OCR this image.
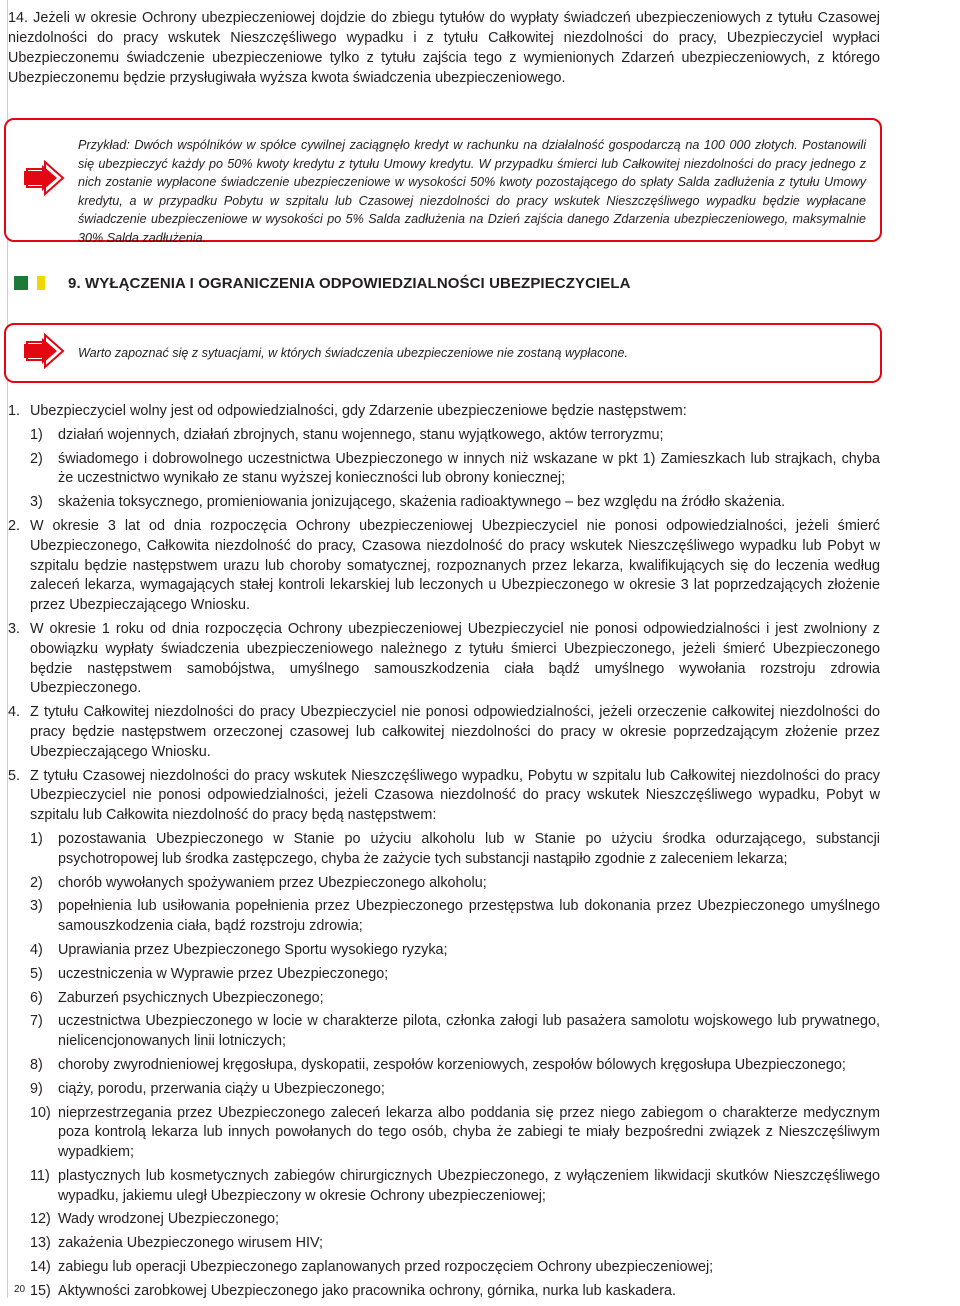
14. Jeżeli w okresie Ochrony ubezpieczeniowej dojdzie do zbiegu tytułów do wypłaty świadczeń ubezpieczeniowych z tytułu Czasowej niezdolności do pracy wskutek Nieszczęśliwego wypadku i z tytułu Całkowitej niezdolności do pracy, Ubezpieczyciel wypłaci Ubezpieczonemu świadczenie ubezpieczeniowe tylko z tytułu zajścia tego z wymienionych Zdarzeń ubezpieczeniowych, z którego Ubezpieczonemu będzie przysługiwała wyższa kwota świadczenia ubezpieczeniowego.
Przykład: Dwóch wspólników w spółce cywilnej zaciągnęło kredyt w rachunku na działalność gospodarczą na 100 000 złotych. Postanowili się ubezpieczyć każdy po 50% kwoty kredytu z tytułu Umowy kredytu. W przypadku śmierci lub Całkowitej niezdolności do pracy jednego z nich zostanie wypłacone świadczenie ubezpieczeniowe w wysokości 50% kwoty pozostającego do spłaty Salda zadłużenia z tytułu Umowy kredytu, a w przypadku Pobytu w szpitalu lub Czasowej niezdolności do pracy wskutek Nieszczęśliwego wypadku będzie wypłacane świadczenie ubezpieczeniowe w wysokości po 5% Salda zadłużenia na Dzień zajścia danego Zdarzenia ubezpieczeniowego, maksymalnie 30% Salda zadłużenia.
9. WYŁĄCZENIA I OGRANICZENIA ODPOWIEDZIALNOŚCI UBEZPIECZYCIELA
Warto zapoznać się z sytuacjami, w których świadczenia ubezpieczeniowe nie zostaną wypłacone.
1. Ubezpieczyciel wolny jest od odpowiedzialności, gdy Zdarzenie ubezpieczeniowe będzie następstwem:
1) działań wojennych, działań zbrojnych, stanu wojennego, stanu wyjątkowego, aktów terroryzmu;
2) świadomego i dobrowolnego uczestnictwa Ubezpieczonego w innych niż wskazane w pkt 1) Zamieszkach lub strajkach, chyba że uczestnictwo wynikało ze stanu wyższej konieczności lub obrony koniecznej;
3) skażenia toksycznego, promieniowania jonizującego, skażenia radioaktywnego – bez względu na źródło skażenia.
2. W okresie 3 lat od dnia rozpoczęcia Ochrony ubezpieczeniowej Ubezpieczyciel nie ponosi odpowiedzialności, jeżeli śmierć Ubezpieczonego, Całkowita niezdolność do pracy, Czasowa niezdolność do pracy wskutek Nieszczęśliwego wypadku lub Pobyt w szpitalu będzie następstwem urazu lub choroby somatycznej, rozpoznanych przez lekarza, kwalifikujących się do leczenia według zaleceń lekarza, wymagających stałej kontroli lekarskiej lub leczonych u Ubezpieczonego w okresie 3 lat poprzedzających złożenie przez Ubezpieczającego Wniosku.
3. W okresie 1 roku od dnia rozpoczęcia Ochrony ubezpieczeniowej Ubezpieczyciel nie ponosi odpowiedzialności i jest zwolniony z obowiązku wypłaty świadczenia ubezpieczeniowego należnego z tytułu śmierci Ubezpieczonego, jeżeli śmierć Ubezpieczonego będzie następstwem samobójstwa, umyślnego samouszkodzenia ciała bądź umyślnego wywołania rozstroju zdrowia Ubezpieczonego.
4. Z tytułu Całkowitej niezdolności do pracy Ubezpieczyciel nie ponosi odpowiedzialności, jeżeli orzeczenie całkowitej niezdolności do pracy będzie następstwem orzeczonej czasowej lub całkowitej niezdolności do pracy w okresie poprzedzającym złożenie przez Ubezpieczającego Wniosku.
5. Z tytułu Czasowej niezdolności do pracy wskutek Nieszczęśliwego wypadku, Pobytu w szpitalu lub Całkowitej niezdolności do pracy Ubezpieczyciel nie ponosi odpowiedzialności, jeżeli Czasowa niezdolność do pracy wskutek Nieszczęśliwego wypadku, Pobyt w szpitalu lub Całkowita niezdolność do pracy będą następstwem:
1) pozostawania Ubezpieczonego w Stanie po użyciu alkoholu lub w Stanie po użyciu środka odurzającego, substancji psychotropowej lub środka zastępczego, chyba że zażycie tych substancji nastąpiło zgodnie z zaleceniem lekarza;
2) chorób wywołanych spożywaniem przez Ubezpieczonego alkoholu;
3) popełnienia lub usiłowania popełnienia przez Ubezpieczonego przestępstwa lub dokonania przez Ubezpieczonego umyślnego samouszkodzenia ciała, bądź rozstroju zdrowia;
4) Uprawiania przez Ubezpieczonego Sportu wysokiego ryzyka;
5) uczestniczenia w Wyprawie przez Ubezpieczonego;
6) Zaburzeń psychicznych Ubezpieczonego;
7) uczestnictwa Ubezpieczonego w locie w charakterze pilota, członka załogi lub pasażera samolotu wojskowego lub prywatnego, nielicencjonowanych linii lotniczych;
8) choroby zwyrodnieniowej kręgosłupa, dyskopatii, zespołów korzeniowych, zespołów bólowych kręgosłupa Ubezpieczonego;
9) ciąży, porodu, przerwania ciąży u Ubezpieczonego;
10) nieprzestrzegania przez Ubezpieczonego zaleceń lekarza albo poddania się przez niego zabiegom o charakterze medycznym poza kontrolą lekarza lub innych powołanych do tego osób, chyba że zabiegi te miały bezpośredni związek z Nieszczęśliwym wypadkiem;
11) plastycznych lub kosmetycznych zabiegów chirurgicznych Ubezpieczonego, z wyłączeniem likwidacji skutków Nieszczęśliwego wypadku, jakiemu uległ Ubezpieczony w okresie Ochrony ubezpieczeniowej;
12) Wady wrodzonej Ubezpieczonego;
13) zakażenia Ubezpieczonego wirusem HIV;
14) zabiegu lub operacji Ubezpieczonego zaplanowanych przed rozpoczęciem Ochrony ubezpieczeniowej;
15) Aktywności zarobkowej Ubezpieczonego jako pracownika ochrony, górnika, nurka lub kaskadera.
20
